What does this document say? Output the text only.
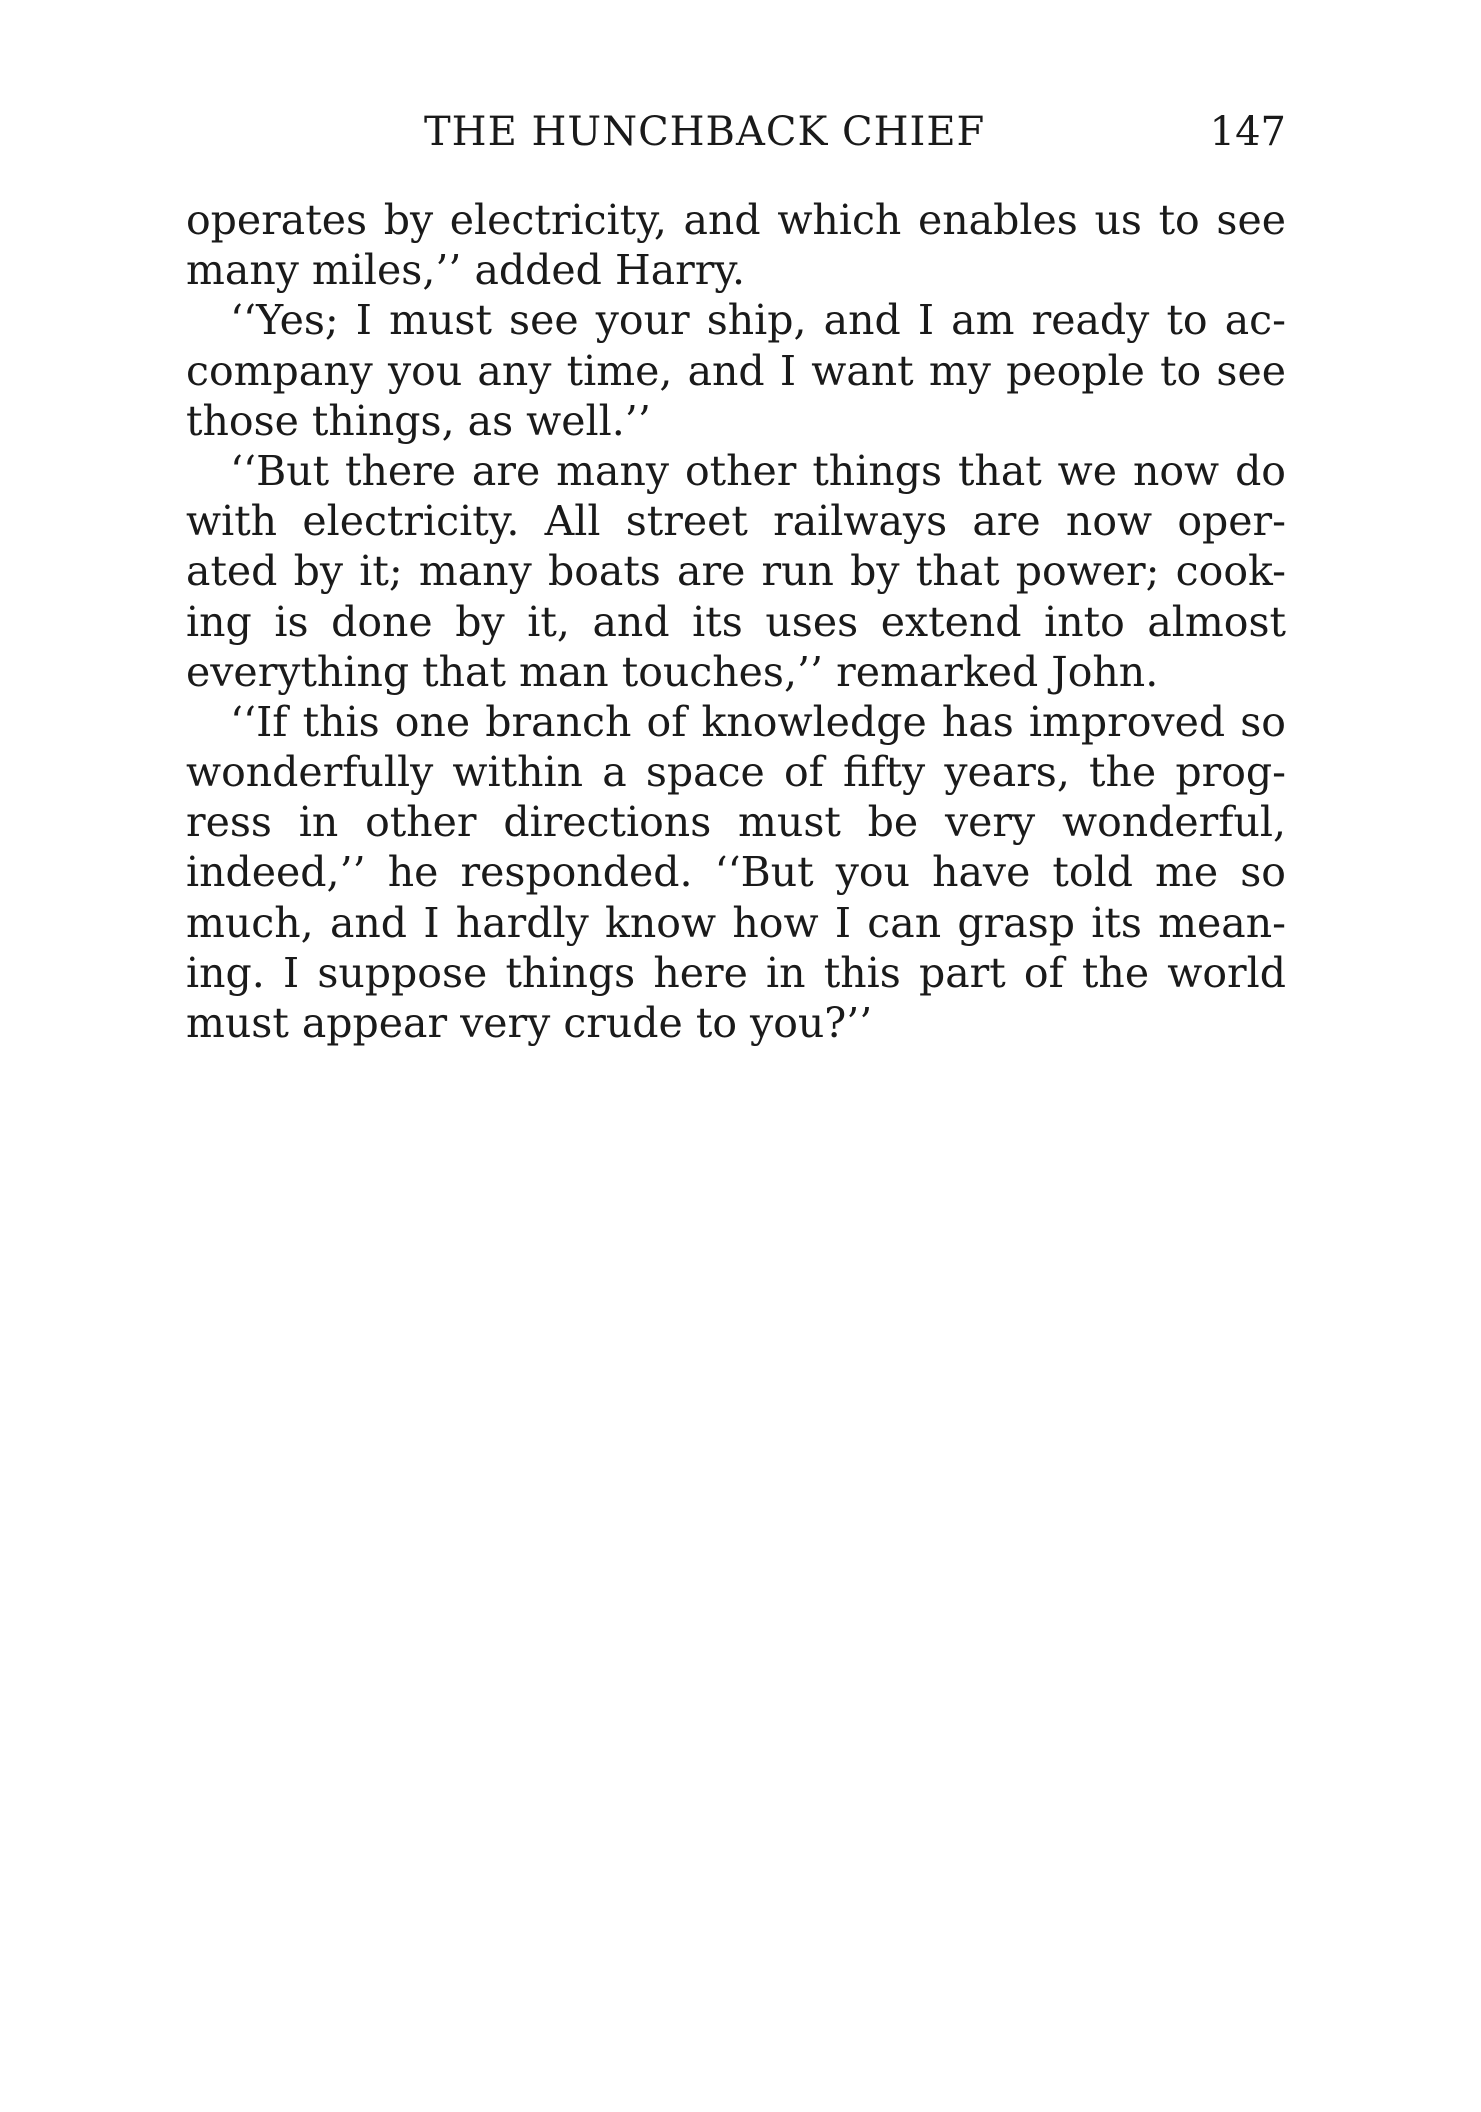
THE HUNCHBACK CHIEF	147
operates by electricity, and which enables us to see
many miles,’’ added Harry.
‘‘Yes; I must see your ship, and I am ready to ac-
company you any time, and I want my people to see
those things, as well.’’
‘‘But there are many other things that we now do
with electricity. All street railways are now oper-
ated by it; many boats are run by that power; cook-
ing is done by it, and its uses extend into almost
everything that man touches,’’ remarked John.
‘‘If this one branch of knowledge has improved so
wonderfully within a space of fifty years, the prog-
ress in other directions must be very wonderful,
indeed,’’ he responded. ‘‘But you have told me so
much, and I hardly know how I can grasp its mean-
ing. I suppose things here in this part of the world
must appear very crude to you?’’
